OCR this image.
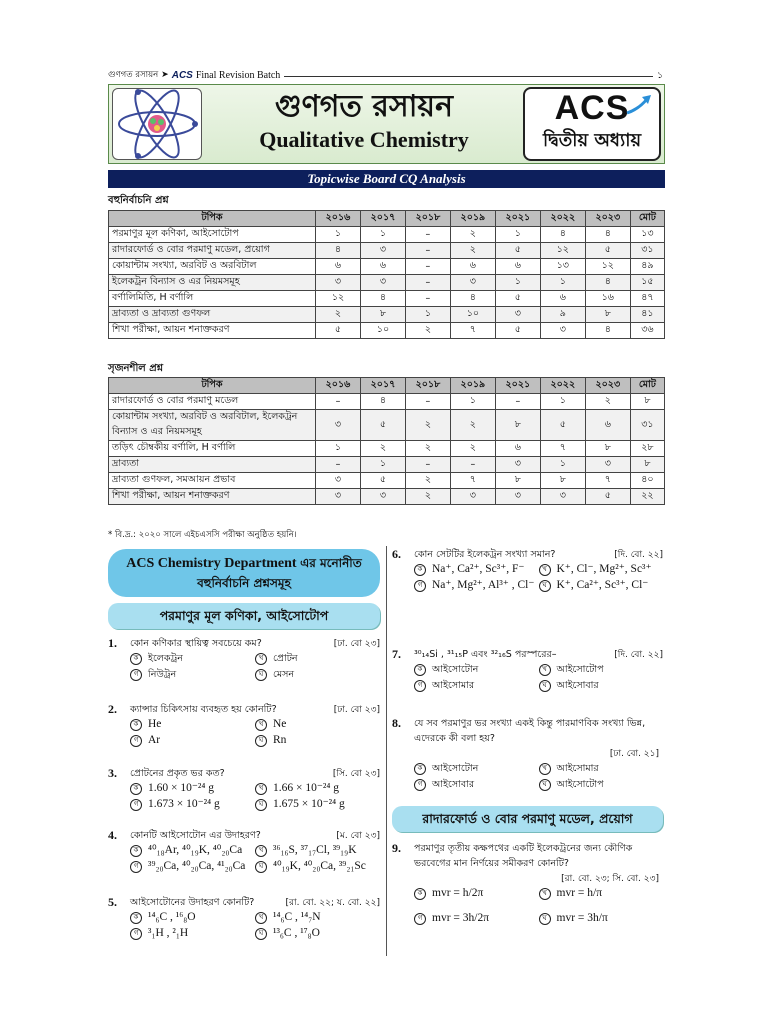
গুণগত রসায়ন ➤ ACS Final Revision Batch	১
গুণগত রসায়ন
Qualitative Chemistry
ACS
দ্বিতীয় অধ্যায়
Topicwise Board CQ Analysis
বহুনির্বাচনি প্রশ্ন
টপিক	২০১৬	২০১৭	২০১৮	২০১৯	২০২১	২০২২	২০২৩	মোট
পরমাণুর মূল কণিকা, আইসোটোপ	১	১	–	২	১	৪	৪	১৩
রাদারফোর্ড ও বোর পরমাণু মডেল, প্রয়োগ	৪	৩	–	২	৫	১২	৫	৩১
কোয়ান্টাম সংখ্যা, অরবিট ও অরবিটাল	৬	৬	–	৬	৬	১৩	১২	৪৯
ইলেকট্রন বিন্যাস ও এর নিয়মসমূহ	৩	৩	–	৩	১	১	৪	১৫
বর্ণালিমিতি, H বর্ণালি	১২	৪	–	৪	৫	৬	১৬	৪৭
দ্রাব্যতা ও দ্রাব্যতা গুণফল	২	৮	১	১০	৩	৯	৮	৪১
শিখা পরীক্ষা, আয়ন শনাক্তকরণ	৫	১০	২	৭	৫	৩	৪	৩৬
সৃজনশীল প্রশ্ন
টপিক	২০১৬	২০১৭	২০১৮	২০১৯	২০২১	২০২২	২০২৩	মোট
রাদারফোর্ড ও বোর পরমাণু মডেল	–	৪	–	১	–	১	২	৮
কোয়ান্টাম সংখ্যা, অরবিট ও অরবিটাল, ইলেকট্রন বিন্যাস ও এর নিয়মসমূহ	৩	৫	২	২	৮	৫	৬	৩১
তড়িৎ চৌম্বকীয় বর্ণালি, H বর্ণালি	১	২	২	২	৬	৭	৮	২৮
দ্রাব্যতা	–	১	–	–	৩	১	৩	৮
দ্রাব্যতা গুণফল, সমআয়ন প্রভাব	৩	৫	২	৭	৮	৮	৭	৪০
শিখা পরীক্ষা, আয়ন শনাক্তকরণ	৩	৩	২	৩	৩	৩	৫	২২
* বি.দ্র.: ২০২০ সালে এইচএসসি পরীক্ষা অনুষ্ঠিত হয়নি।
ACS Chemistry Department এর মনোনীত
বহুনির্বাচনি প্রশ্নসমূহ
পরমাণুর মূল কণিকা, আইসোটোপ
1.	কোন কণিকার স্থায়িত্ব সবচেয়ে কম?	[ঢা. বো ২৩]
ক	ইলেকট্রন	খ	প্রোটন
গ	নিউট্রন	ঘ	মেসন
2.	ক্যান্সার চিকিৎসায় ব্যবহৃত হয় কোনটি?	[ঢা. বো ২৩]
ক He	খ Ne
গ Ar	ঘ Rn
3.	প্রোটনের প্রকৃত ভর কত?	[সি. বো ২৩]
ক 1.60 × 10⁻²⁴ g	খ 1.66 × 10⁻²⁴ g
গ 1.673 × 10⁻²⁴ g	ঘ 1.675 × 10⁻²⁴ g
4.	কোনটি আইসোটোন এর উদাহরণ?	[ম. বো ২৩]
ক ⁴⁰₁₈Ar, ⁴⁰₁₉K, ⁴⁰₂₀Ca	খ ³⁶₁₆S, ³⁷₁₇Cl, ³⁹₁₉K
গ ³⁹₂₀Ca, ⁴⁰₂₀Ca, ⁴¹₂₀Ca	ঘ ⁴⁰₁₉K, ⁴⁰₂₀Ca, ³⁹₂₁Sc
5.	আইসোটোনের উদাহরণ কোনটি?	[রা. বো. ২২; য. বো. ২২]
ক ¹⁴₆C , ¹⁶₈O	খ ¹⁴₆C , ¹⁴₇N
গ ³₁H , ²₁H	ঘ ¹³₆C , ¹⁷₈O
6.	কোন সেটটির ইলেকট্রন সংখ্যা সমান?	[দি. বো. ২২]
ক Na⁺, Ca²⁺, Sc³⁺, F⁻	খ K⁺, Cl⁻, Mg²⁺, Sc³⁺
গ Na⁺, Mg²⁺, Al³⁺ , Cl⁻	ঘ K⁺, Ca²⁺, Sc³⁺, Cl⁻
7.	³⁰₁₄Si , ³¹₁₅P এবং ³²₁₆S পরস্পরের–	[দি. বো. ২২]
ক	আইসোটোন	খ	আইসোটোপ
গ	আইসোমার	ঘ	আইসোবার
8.	যে সব পরমাণুর ভর সংখ্যা একই কিন্তু পারমাণবিক সংখ্যা ভিন্ন, এদেরকে কী বলা হয়?
[ঢা. বো. ২১]
ক	আইসোটোন	খ	আইসোমার
গ	আইসোবার	ঘ	আইসোটোপ
9.	পরমাণুর তৃতীয় কক্ষপথের একটি ইলেকট্রনের জন্য কৌণিক ভরবেগের মান নির্ণয়ের সমীকরণ কোনটি?
[রা. বো. ২৩; সি. বো. ২৩]
ক mvr = h/2π	খ mvr = h/π
গ mvr = 3h/2π	ঘ mvr = 3h/π
রাদারফোর্ড ও বোর পরমাণু মডেল, প্রয়োগ
